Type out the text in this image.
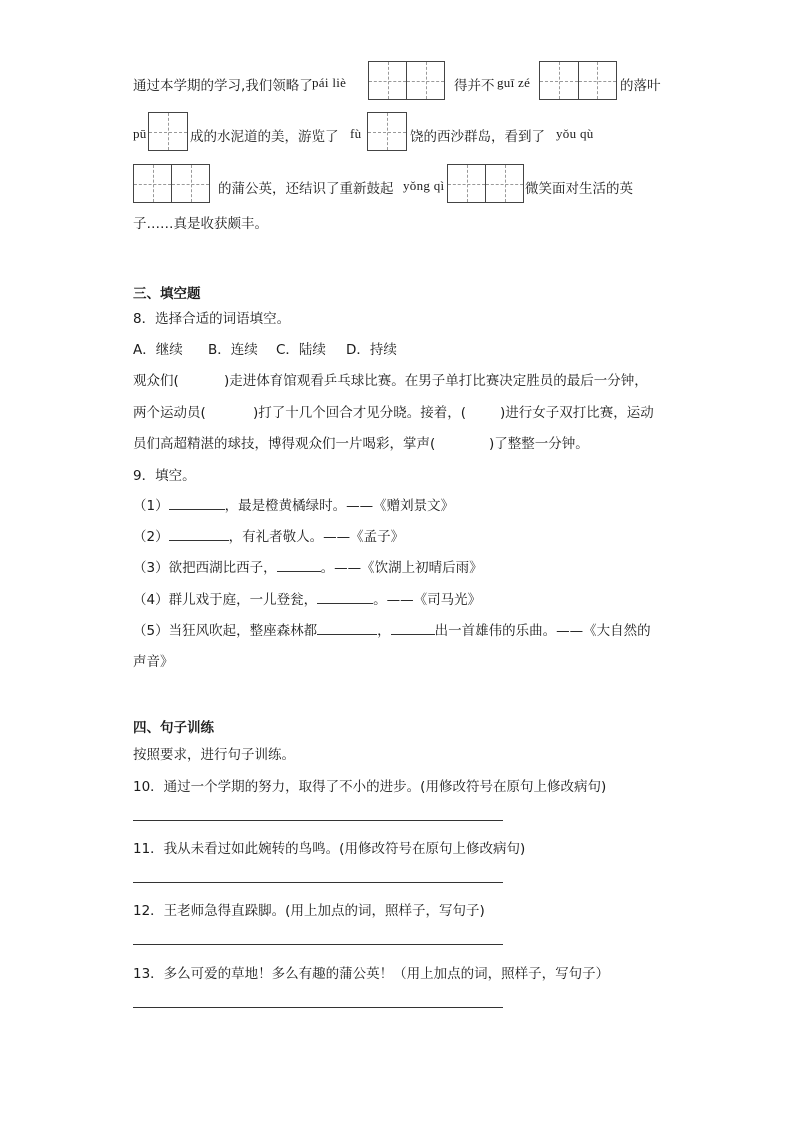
通过本学期的学习,我们领略了 pái liè	得并不 guī zé	的落叶
pū	成的水泥道的美，游览了 fù	饶的西沙群岛，看到了 yǒu qù
的蒲公英，还结识了重新鼓起 yǒng qì	微笑面对生活的英
子……真是收获颇丰。
三、填空题
8．选择合适的词语填空。
A．继续 B．连续 C．陆续 D．持续
观众们(	)走进体育馆观看乒乓球比赛。在男子单打比赛决定胜员的最后一分钟，
两个运动员(	)打了十几个回合才见分晓。接着，(	)进行女子双打比赛，运动
员们高超精湛的球技，博得观众们一片喝彩，掌声(	)了整整一分钟。
9．填空。
（1）	，最是橙黄橘绿时。——《赠刘景文》
（2）	，有礼者敬人。——《孟子》
（3）欲把西湖比西子，	。——《饮湖上初晴后雨》
（4）群儿戏于庭，一儿登瓮，	。——《司马光》
（5）当狂风吹起，整座森林都	，	出一首雄伟的乐曲。——《大自然的
声音》
四、句子训练
按照要求，进行句子训练。
10．通过一个学期的努力，取得了不小的进步。(用修改符号在原句上修改病句)
11．我从未看过如此婉转的鸟鸣。(用修改符号在原句上修改病句)
12．王老师急得直跺脚。(用上加点的词，照样子，写句子)
13．多么可爱的草地！多么有趣的蒲公英！（用上加点的词，照样子，写句子）
